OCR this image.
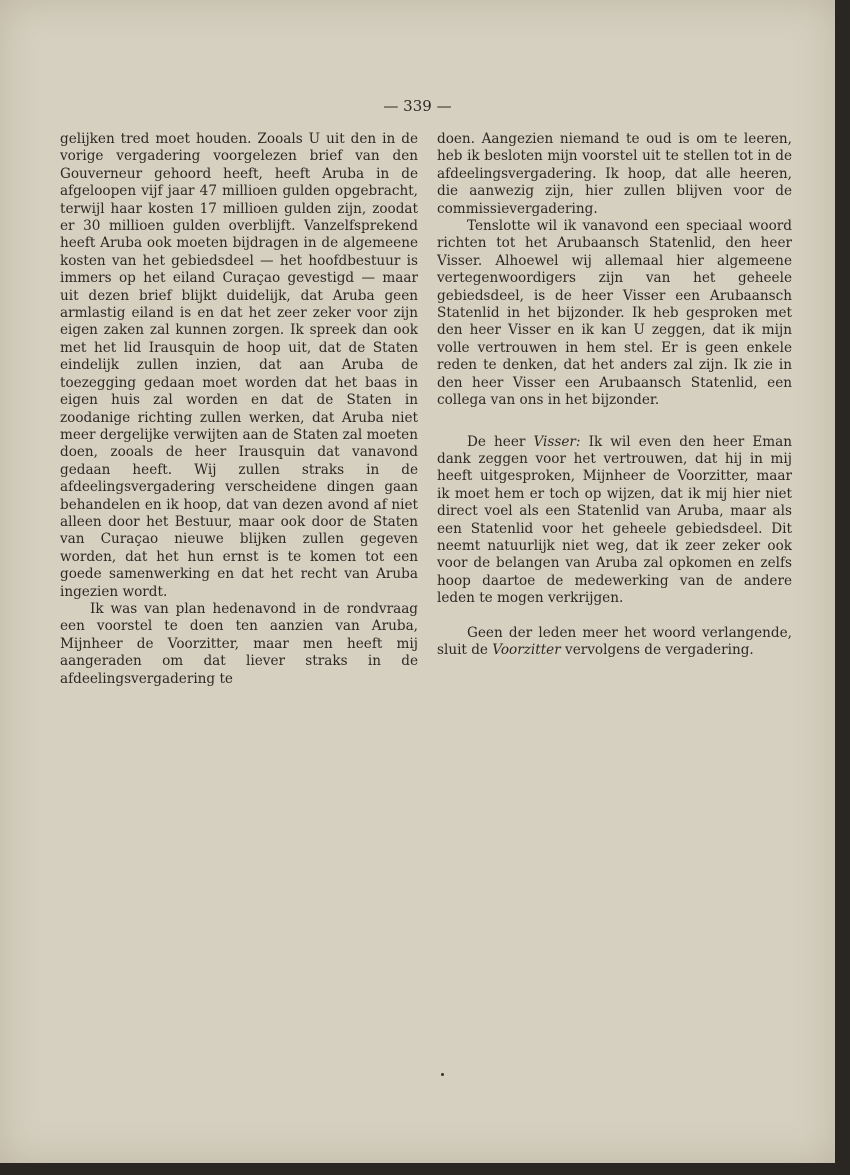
— 339 —

gelijken tred moet houden. Zooals U uit den in de vorige vergadering voorgelezen brief van den Gouverneur gehoord heeft, heeft Aruba in de afgeloopen vijf jaar 47 millioen gulden opgebracht, terwijl haar kosten 17 millioen gulden zijn, zoodat er 30 millioen gulden overblijft. Vanzelfsprekend heeft Aruba ook moeten bijdragen in de algemeene kosten van het gebiedsdeel — het hoofdbestuur is immers op het eiland Curaçao gevestigd — maar uit dezen brief blijkt duidelijk, dat Aruba geen armlastig eiland is en dat het zeer zeker voor zijn eigen zaken zal kunnen zorgen. Ik spreek dan ook met het lid Irausquin de hoop uit, dat de Staten eindelijk zullen inzien, dat aan Aruba de toezegging gedaan moet worden dat het baas in eigen huis zal worden en dat de Staten in zoodanige richting zullen werken, dat Aruba niet meer dergelijke verwijten aan de Staten zal moeten doen, zooals de heer Irausquin dat vanavond gedaan heeft. Wij zullen straks in de afdeelingsvergadering verscheidene dingen gaan behandelen en ik hoop, dat van dezen avond af niet alleen door het Bestuur, maar ook door de Staten van Curaçao nieuwe blijken zullen gegeven worden, dat het hun ernst is te komen tot een goede samenwerking en dat het recht van Aruba ingezien wordt.

Ik was van plan hedenavond in de rondvraag een voorstel te doen ten aanzien van Aruba, Mijnheer de Voorzitter, maar men heeft mij aangeraden om dat liever straks in de afdeelingsvergadering te

doen. Aangezien niemand te oud is om te leeren, heb ik besloten mijn voorstel uit te stellen tot in de afdeelingsvergadering. Ik hoop, dat alle heeren, die aanwezig zijn, hier zullen blijven voor de commissievergadering.

Tenslotte wil ik vanavond een speciaal woord richten tot het Arubaansch Statenlid, den heer Visser. Alhoewel wij allemaal hier algemeene vertegenwoordigers zijn van het geheele gebiedsdeel, is de heer Visser een Arubaansch Statenlid in het bijzonder. Ik heb gesproken met den heer Visser en ik kan U zeggen, dat ik mijn volle vertrouwen in hem stel. Er is geen enkele reden te denken, dat het anders zal zijn. Ik zie in den heer Visser een Arubaansch Statenlid, een collega van ons in het bijzonder.

De heer Visser: Ik wil even den heer Eman dank zeggen voor het vertrouwen, dat hij in mij heeft uitgesproken, Mijnheer de Voorzitter, maar ik moet hem er toch op wijzen, dat ik mij hier niet direct voel als een Statenlid van Aruba, maar als een Statenlid voor het geheele gebiedsdeel. Dit neemt natuurlijk niet weg, dat ik zeer zeker ook voor de belangen van Aruba zal opkomen en zelfs hoop daartoe de medewerking van de andere leden te mogen verkrijgen.

Geen der leden meer het woord verlangende, sluit de Voorzitter vervolgens de vergadering.
